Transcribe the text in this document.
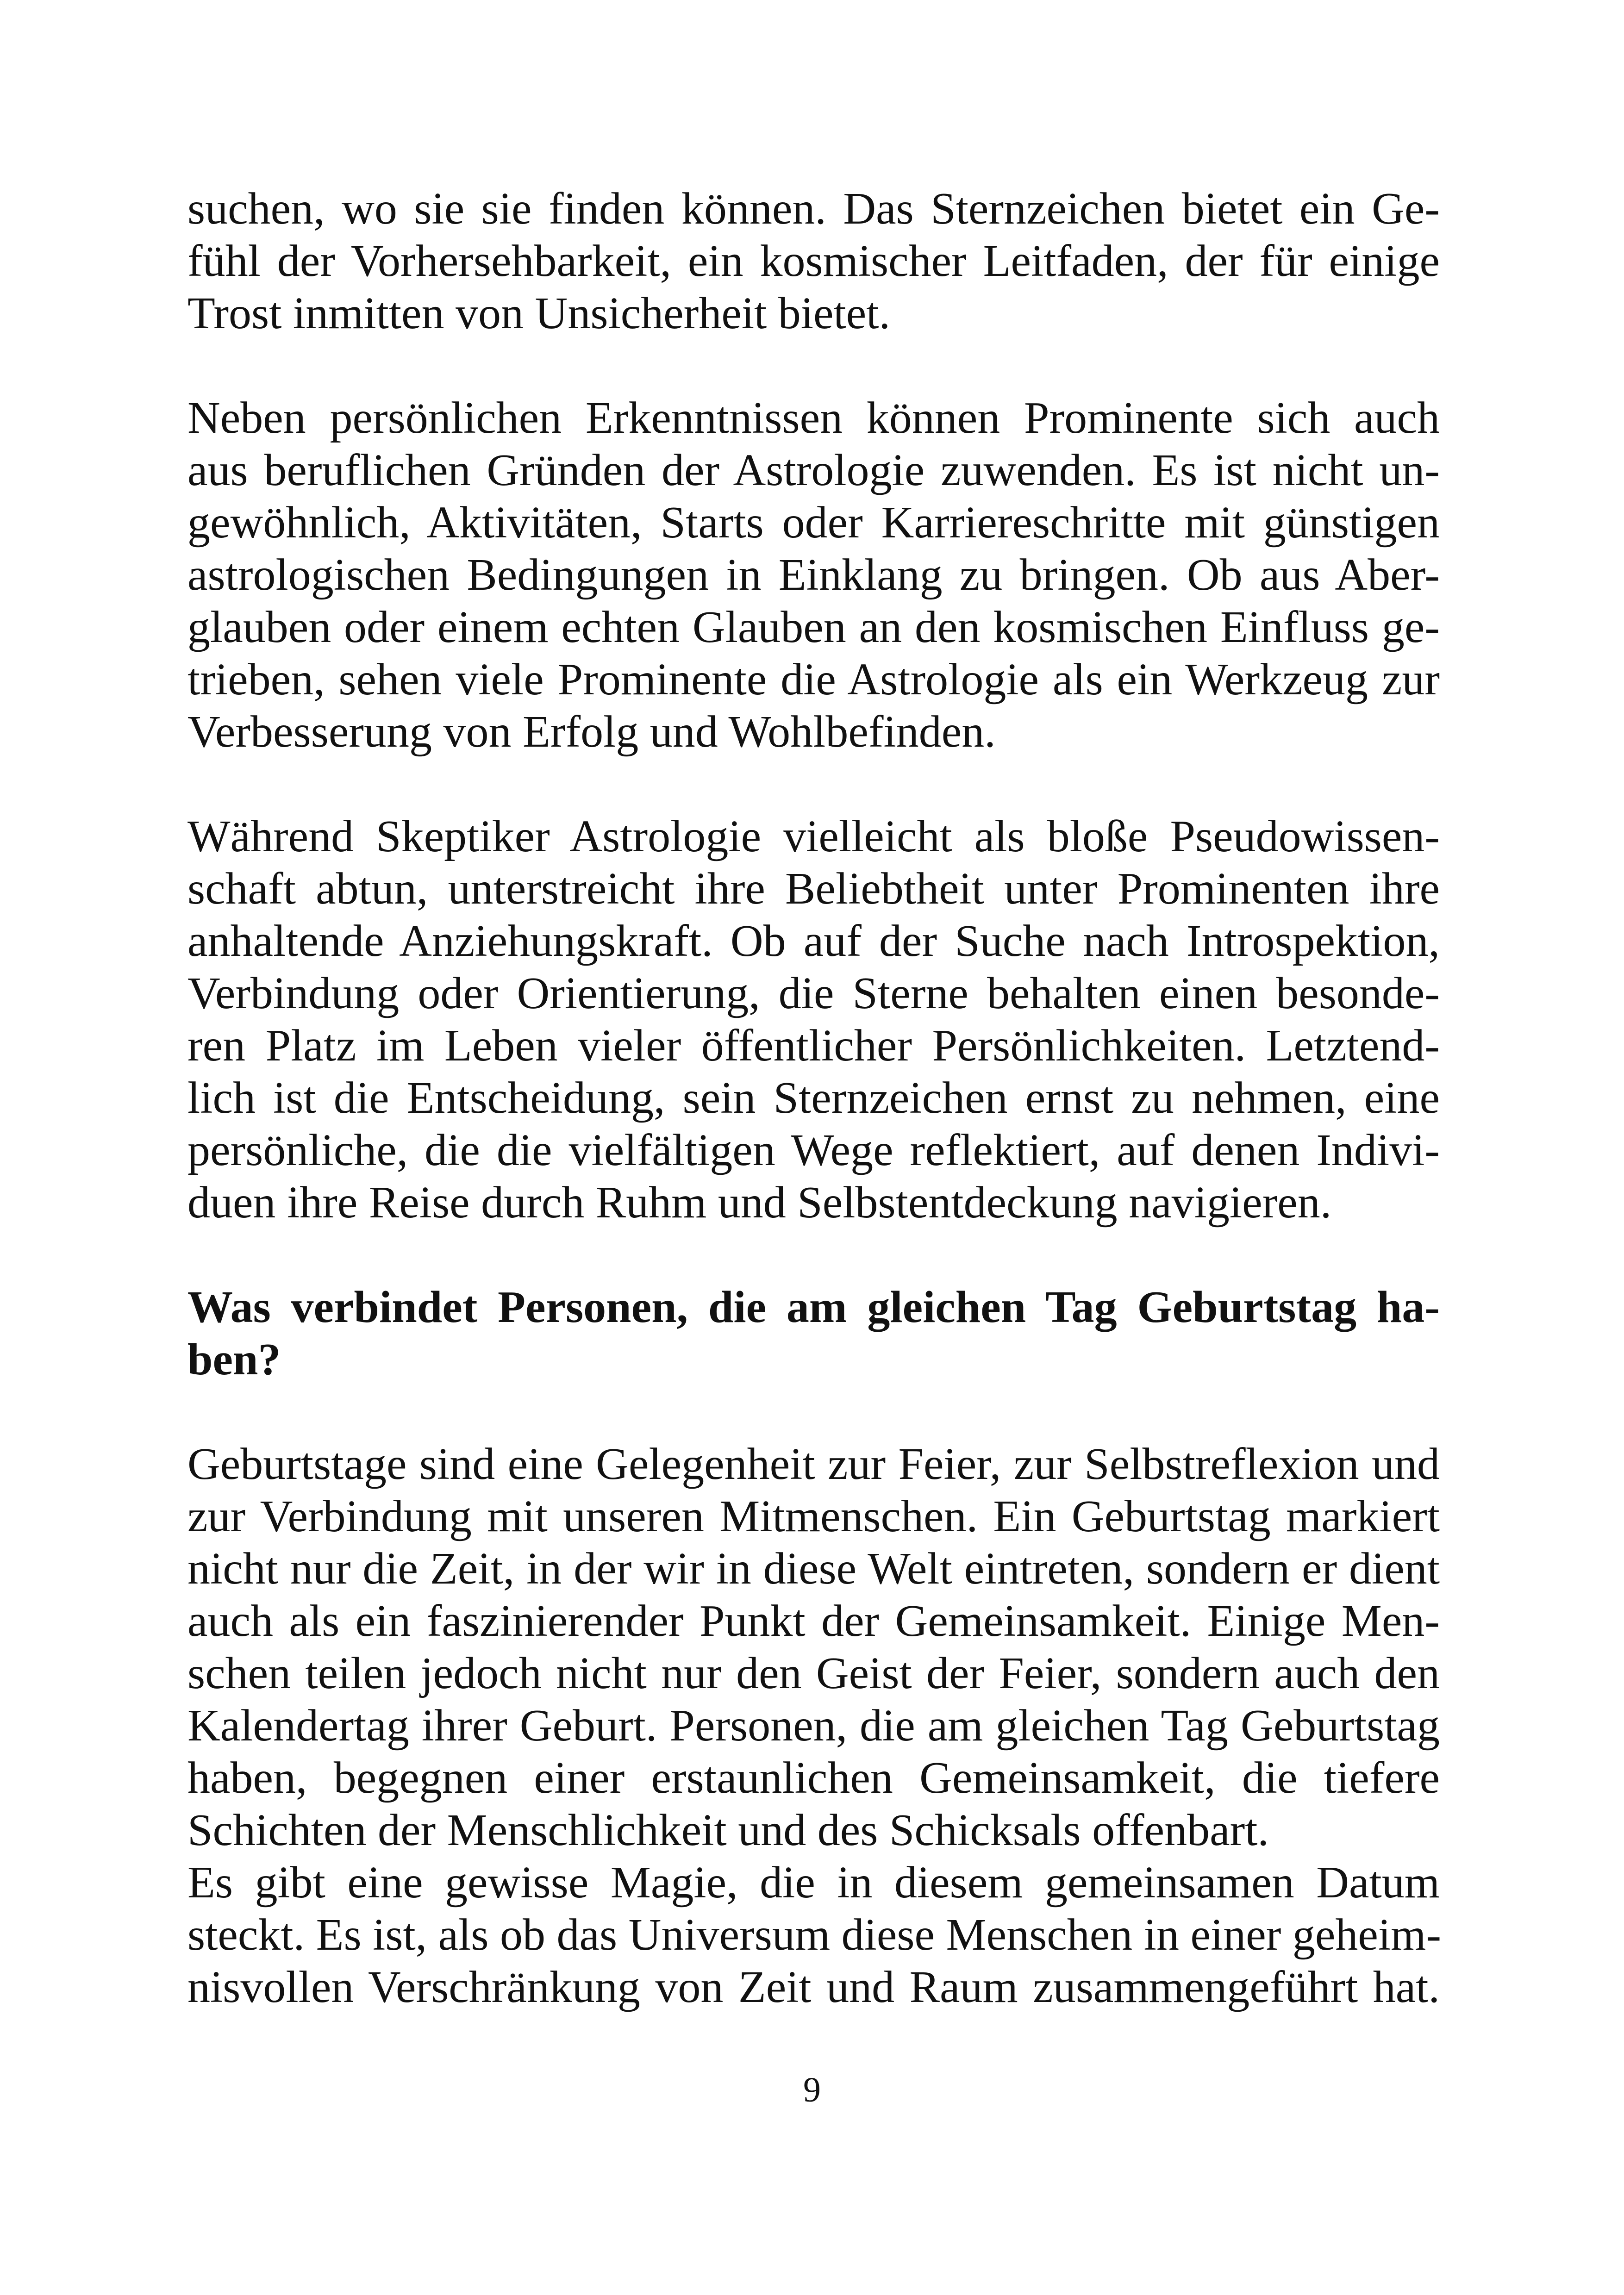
suchen, wo sie sie finden können. Das Sternzeichen bietet ein Ge-
fühl der Vorhersehbarkeit, ein kosmischer Leitfaden, der für einige
Trost inmitten von Unsicherheit bietet.
Neben persönlichen Erkenntnissen können Prominente sich auch
aus beruflichen Gründen der Astrologie zuwenden. Es ist nicht un-
gewöhnlich, Aktivitäten, Starts oder Karriereschritte mit günstigen
astrologischen Bedingungen in Einklang zu bringen. Ob aus Aber-
glauben oder einem echten Glauben an den kosmischen Einfluss ge-
trieben, sehen viele Prominente die Astrologie als ein Werkzeug zur
Verbesserung von Erfolg und Wohlbefinden.
Während Skeptiker Astrologie vielleicht als bloße Pseudowissen-
schaft abtun, unterstreicht ihre Beliebtheit unter Prominenten ihre
anhaltende Anziehungskraft. Ob auf der Suche nach Introspektion,
Verbindung oder Orientierung, die Sterne behalten einen besonde-
ren Platz im Leben vieler öffentlicher Persönlichkeiten. Letztend-
lich ist die Entscheidung, sein Sternzeichen ernst zu nehmen, eine
persönliche, die die vielfältigen Wege reflektiert, auf denen Indivi-
duen ihre Reise durch Ruhm und Selbstentdeckung navigieren.
Was verbindet Personen, die am gleichen Tag Geburtstag ha-
ben?
Geburtstage sind eine Gelegenheit zur Feier, zur Selbstreflexion und
zur Verbindung mit unseren Mitmenschen. Ein Geburtstag markiert
nicht nur die Zeit, in der wir in diese Welt eintreten, sondern er dient
auch als ein faszinierender Punkt der Gemeinsamkeit. Einige Men-
schen teilen jedoch nicht nur den Geist der Feier, sondern auch den
Kalendertag ihrer Geburt. Personen, die am gleichen Tag Geburtstag
haben, begegnen einer erstaunlichen Gemeinsamkeit, die tiefere
Schichten der Menschlichkeit und des Schicksals offenbart.
Es gibt eine gewisse Magie, die in diesem gemeinsamen Datum
steckt. Es ist, als ob das Universum diese Menschen in einer geheim-
nisvollen Verschränkung von Zeit und Raum zusammengeführt hat.
9
